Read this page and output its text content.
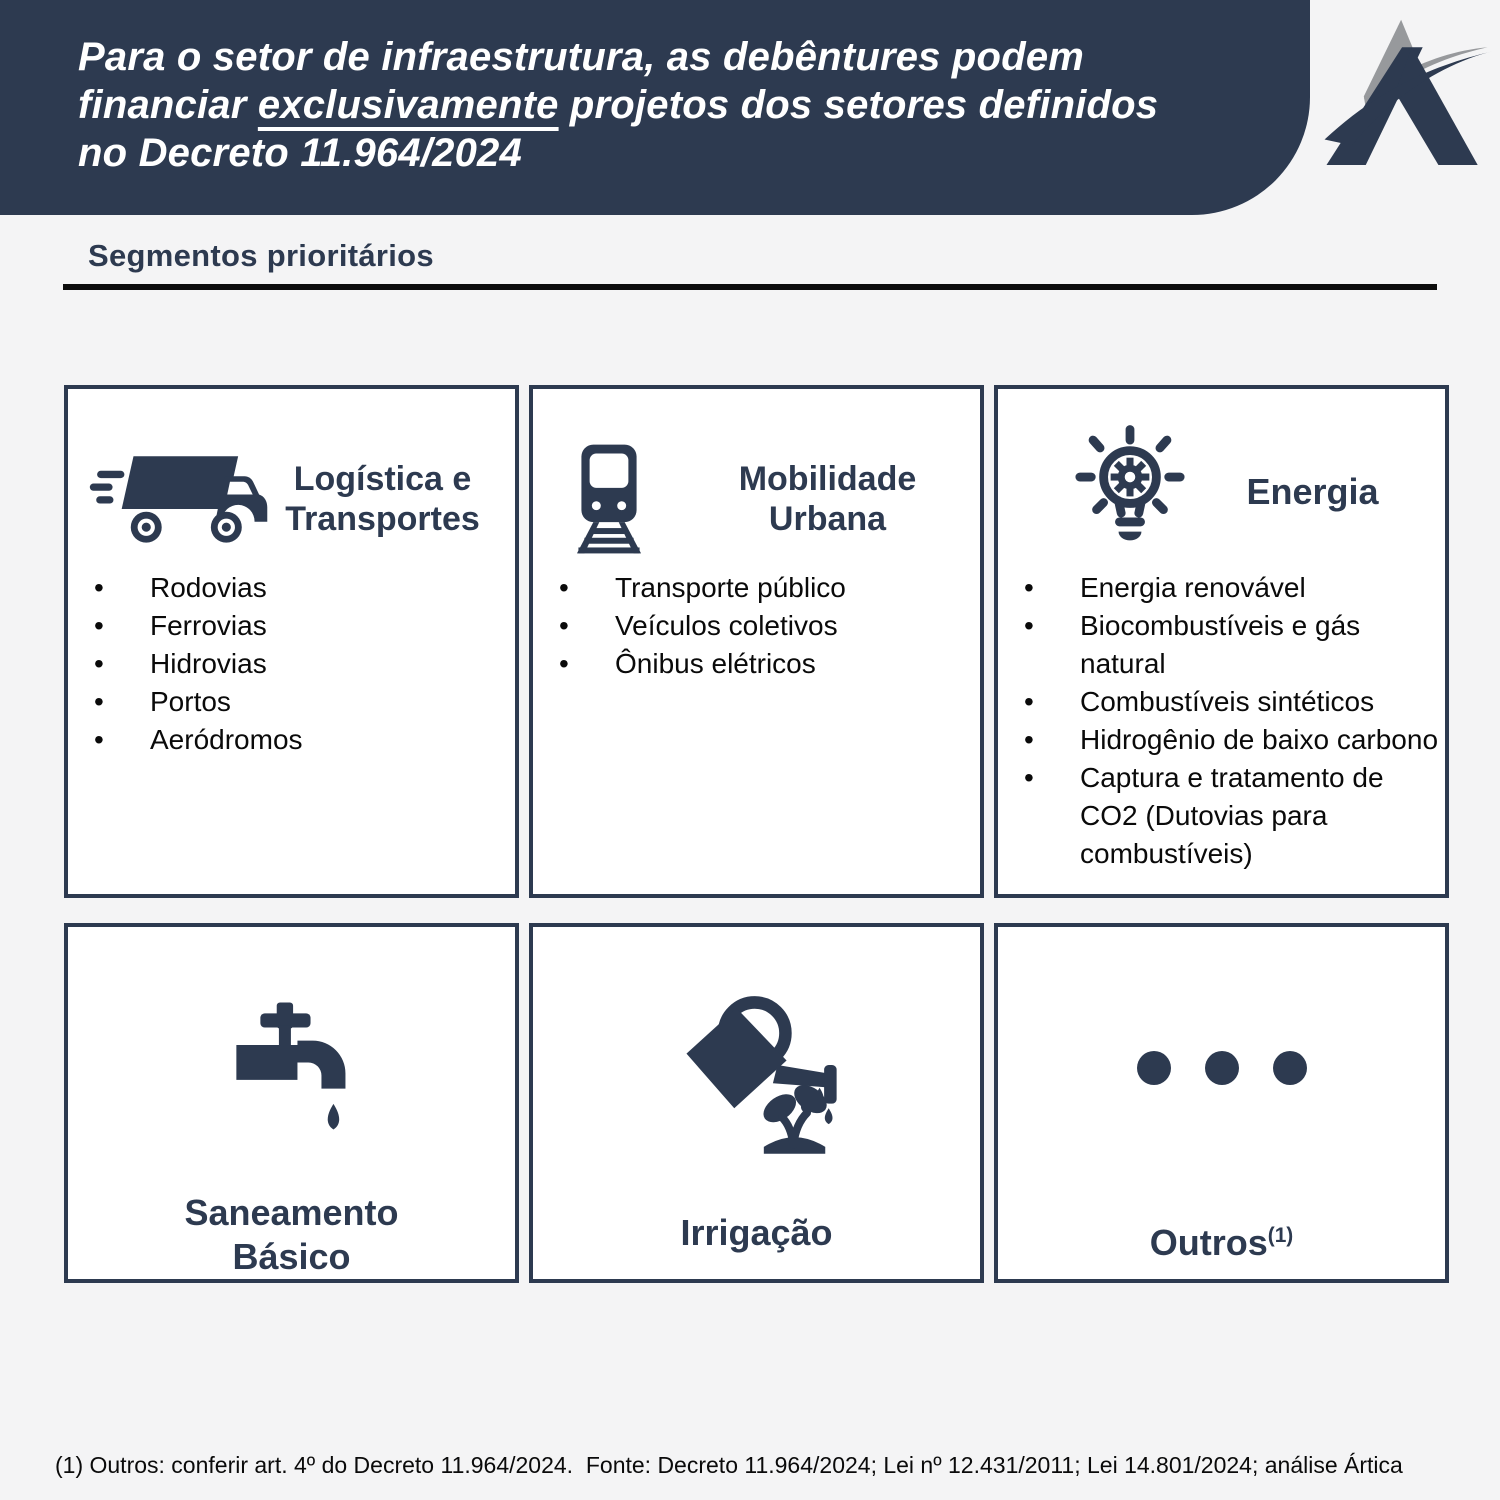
Para o setor de infraestrutura, as debêntures podem
financiar exclusivamente projetos dos setores definidos
no Decreto 11.964/2024
Segmentos prioritários
Logística e Transportes
• Rodovias
• Ferrovias
• Hidrovias
• Portos
• Aeródromos
Mobilidade Urbana
• Transporte público
• Veículos coletivos
• Ônibus elétricos
Energia
• Energia renovável
• Biocombustíveis e gás natural
• Combustíveis sintéticos
• Hidrogênio de baixo carbono
• Captura e tratamento de CO2 (Dutovias para combustíveis)
Saneamento Básico
Irrigação	Outros$^{(1)}$
(1) Outros: conferir art. 4º do Decreto 11.964/2024.  Fonte: Decreto 11.964/2024; Lei nº 12.431/2011; Lei 14.801/2024; análise Ártica
